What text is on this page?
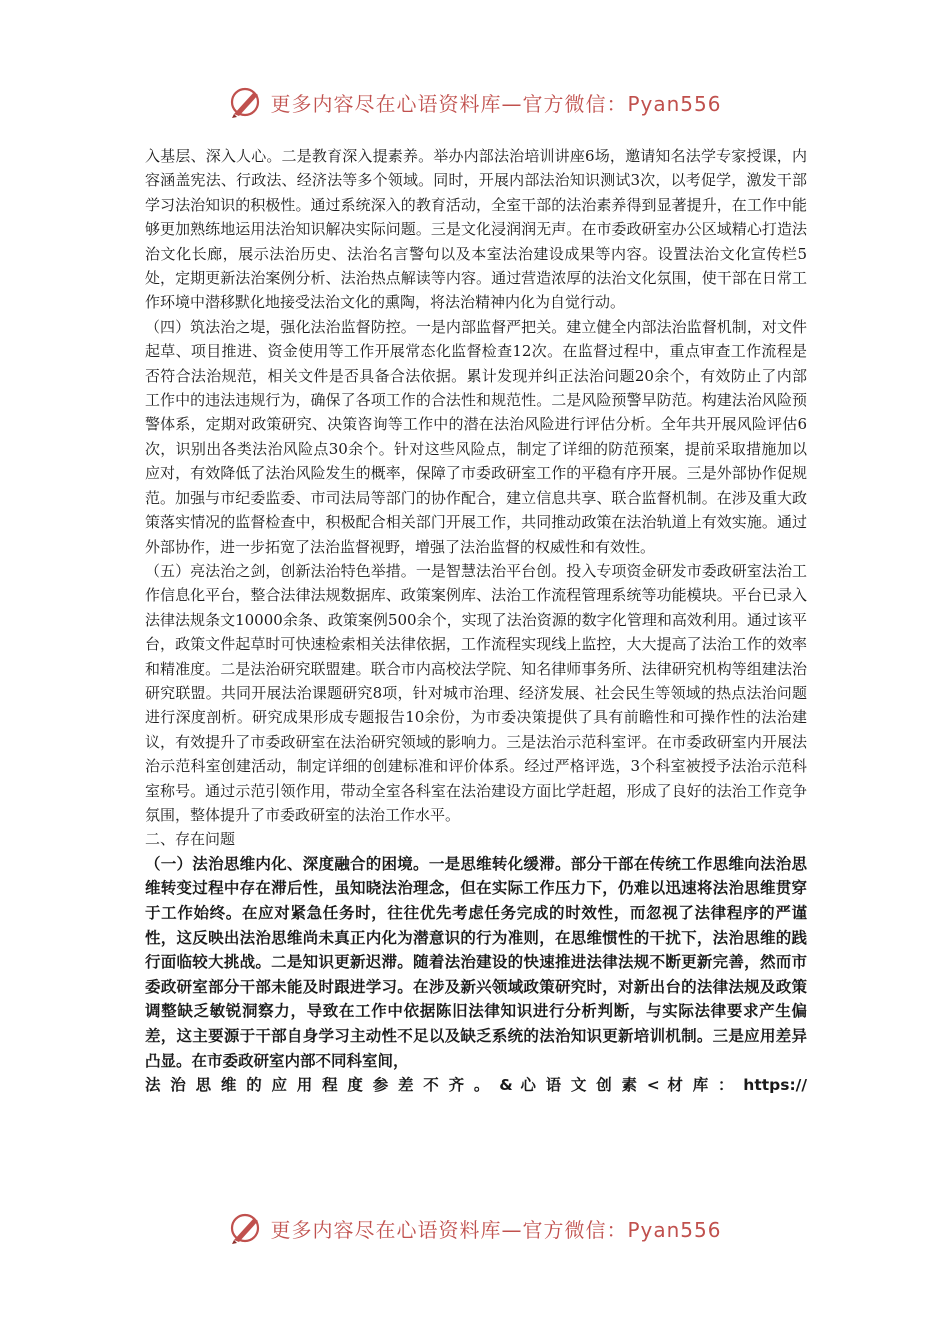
更多内容尽在心语资料库—官方微信：Pyan556

入基层、深入人心。二是教育深入提素养。举办内部法治培训讲座6场，邀请知名法学专家授课，内容涵盖宪法、行政法、经济法等多个领域。同时，开展内部法治知识测试3次，以考促学，激发干部学习法治知识的积极性。通过系统深入的教育活动，全室干部的法治素养得到显著提升，在工作中能够更加熟练地运用法治知识解决实际问题。三是文化浸润润无声。在市委政研室办公区域精心打造法治文化长廊，展示法治历史、法治名言警句以及本室法治建设成果等内容。设置法治文化宣传栏5处，定期更新法治案例分析、法治热点解读等内容。通过营造浓厚的法治文化氛围，使干部在日常工作环境中潜移默化地接受法治文化的熏陶，将法治精神内化为自觉行动。

（四）筑法治之堤，强化法治监督防控。一是内部监督严把关。建立健全内部法治监督机制，对文件起草、项目推进、资金使用等工作开展常态化监督检查12次。在监督过程中，重点审查工作流程是否符合法治规范，相关文件是否具备合法依据。累计发现并纠正法治问题20余个，有效防止了内部工作中的违法违规行为，确保了各项工作的合法性和规范性。二是风险预警早防范。构建法治风险预警体系，定期对政策研究、决策咨询等工作中的潜在法治风险进行评估分析。全年共开展风险评估6次，识别出各类法治风险点30余个。针对这些风险点，制定了详细的防范预案，提前采取措施加以应对，有效降低了法治风险发生的概率，保障了市委政研室工作的平稳有序开展。三是外部协作促规范。加强与市纪委监委、市司法局等部门的协作配合，建立信息共享、联合监督机制。在涉及重大政策落实情况的监督检查中，积极配合相关部门开展工作，共同推动政策在法治轨道上有效实施。通过外部协作，进一步拓宽了法治监督视野，增强了法治监督的权威性和有效性。

（五）亮法治之剑，创新法治特色举措。一是智慧法治平台创。投入专项资金研发市委政研室法治工作信息化平台，整合法律法规数据库、政策案例库、法治工作流程管理系统等功能模块。平台已录入法律法规条文10000余条、政策案例500余个，实现了法治资源的数字化管理和高效利用。通过该平台，政策文件起草时可快速检索相关法律依据，工作流程实现线上监控，大大提高了法治工作的效率和精准度。二是法治研究联盟建。联合市内高校法学院、知名律师事务所、法律研究机构等组建法治研究联盟。共同开展法治课题研究8项，针对城市治理、经济发展、社会民生等领域的热点法治问题进行深度剖析。研究成果形成专题报告10余份，为市委决策提供了具有前瞻性和可操作性的法治建议，有效提升了市委政研室在法治研究领域的影响力。三是法治示范科室评。在市委政研室内开展法治示范科室创建活动，制定详细的创建标准和评价体系。经过严格评选，3个科室被授予法治示范科室称号。通过示范引领作用，带动全室各科室在法治建设方面比学赶超，形成了良好的法治工作竞争氛围，整体提升了市委政研室的法治工作水平。

二、存在问题

（一）法治思维内化、深度融合的困境。一是思维转化缓滞。部分干部在传统工作思维向法治思维转变过程中存在滞后性，虽知晓法治理念，但在实际工作压力下，仍难以迅速将法治思维贯穿于工作始终。在应对紧急任务时，往往优先考虑任务完成的时效性，而忽视了法律程序的严谨性，这反映出法治思维尚未真正内化为潜意识的行为准则，在思维惯性的干扰下，法治思维的践行面临较大挑战。二是知识更新迟滞。随着法治建设的快速推进法律法规不断更新完善，然而市委政研室部分干部未能及时跟进学习。在涉及新兴领域政策研究时，对新出台的法律法规及政策调整缺乏敏锐洞察力，导致在工作中依据陈旧法律知识进行分析判断，与实际法律要求产生偏差，这主要源于干部自身学习主动性不足以及缺乏系统的法治知识更新培训机制。三是应用差异凸显。在市委政研室内部不同科室间，
法 治 思 维 的 应 用 程 度 参 差 不 齐 。 & 心 语 文 创 素 < 材 库 ： https://

更多内容尽在心语资料库—官方微信：Pyan556
